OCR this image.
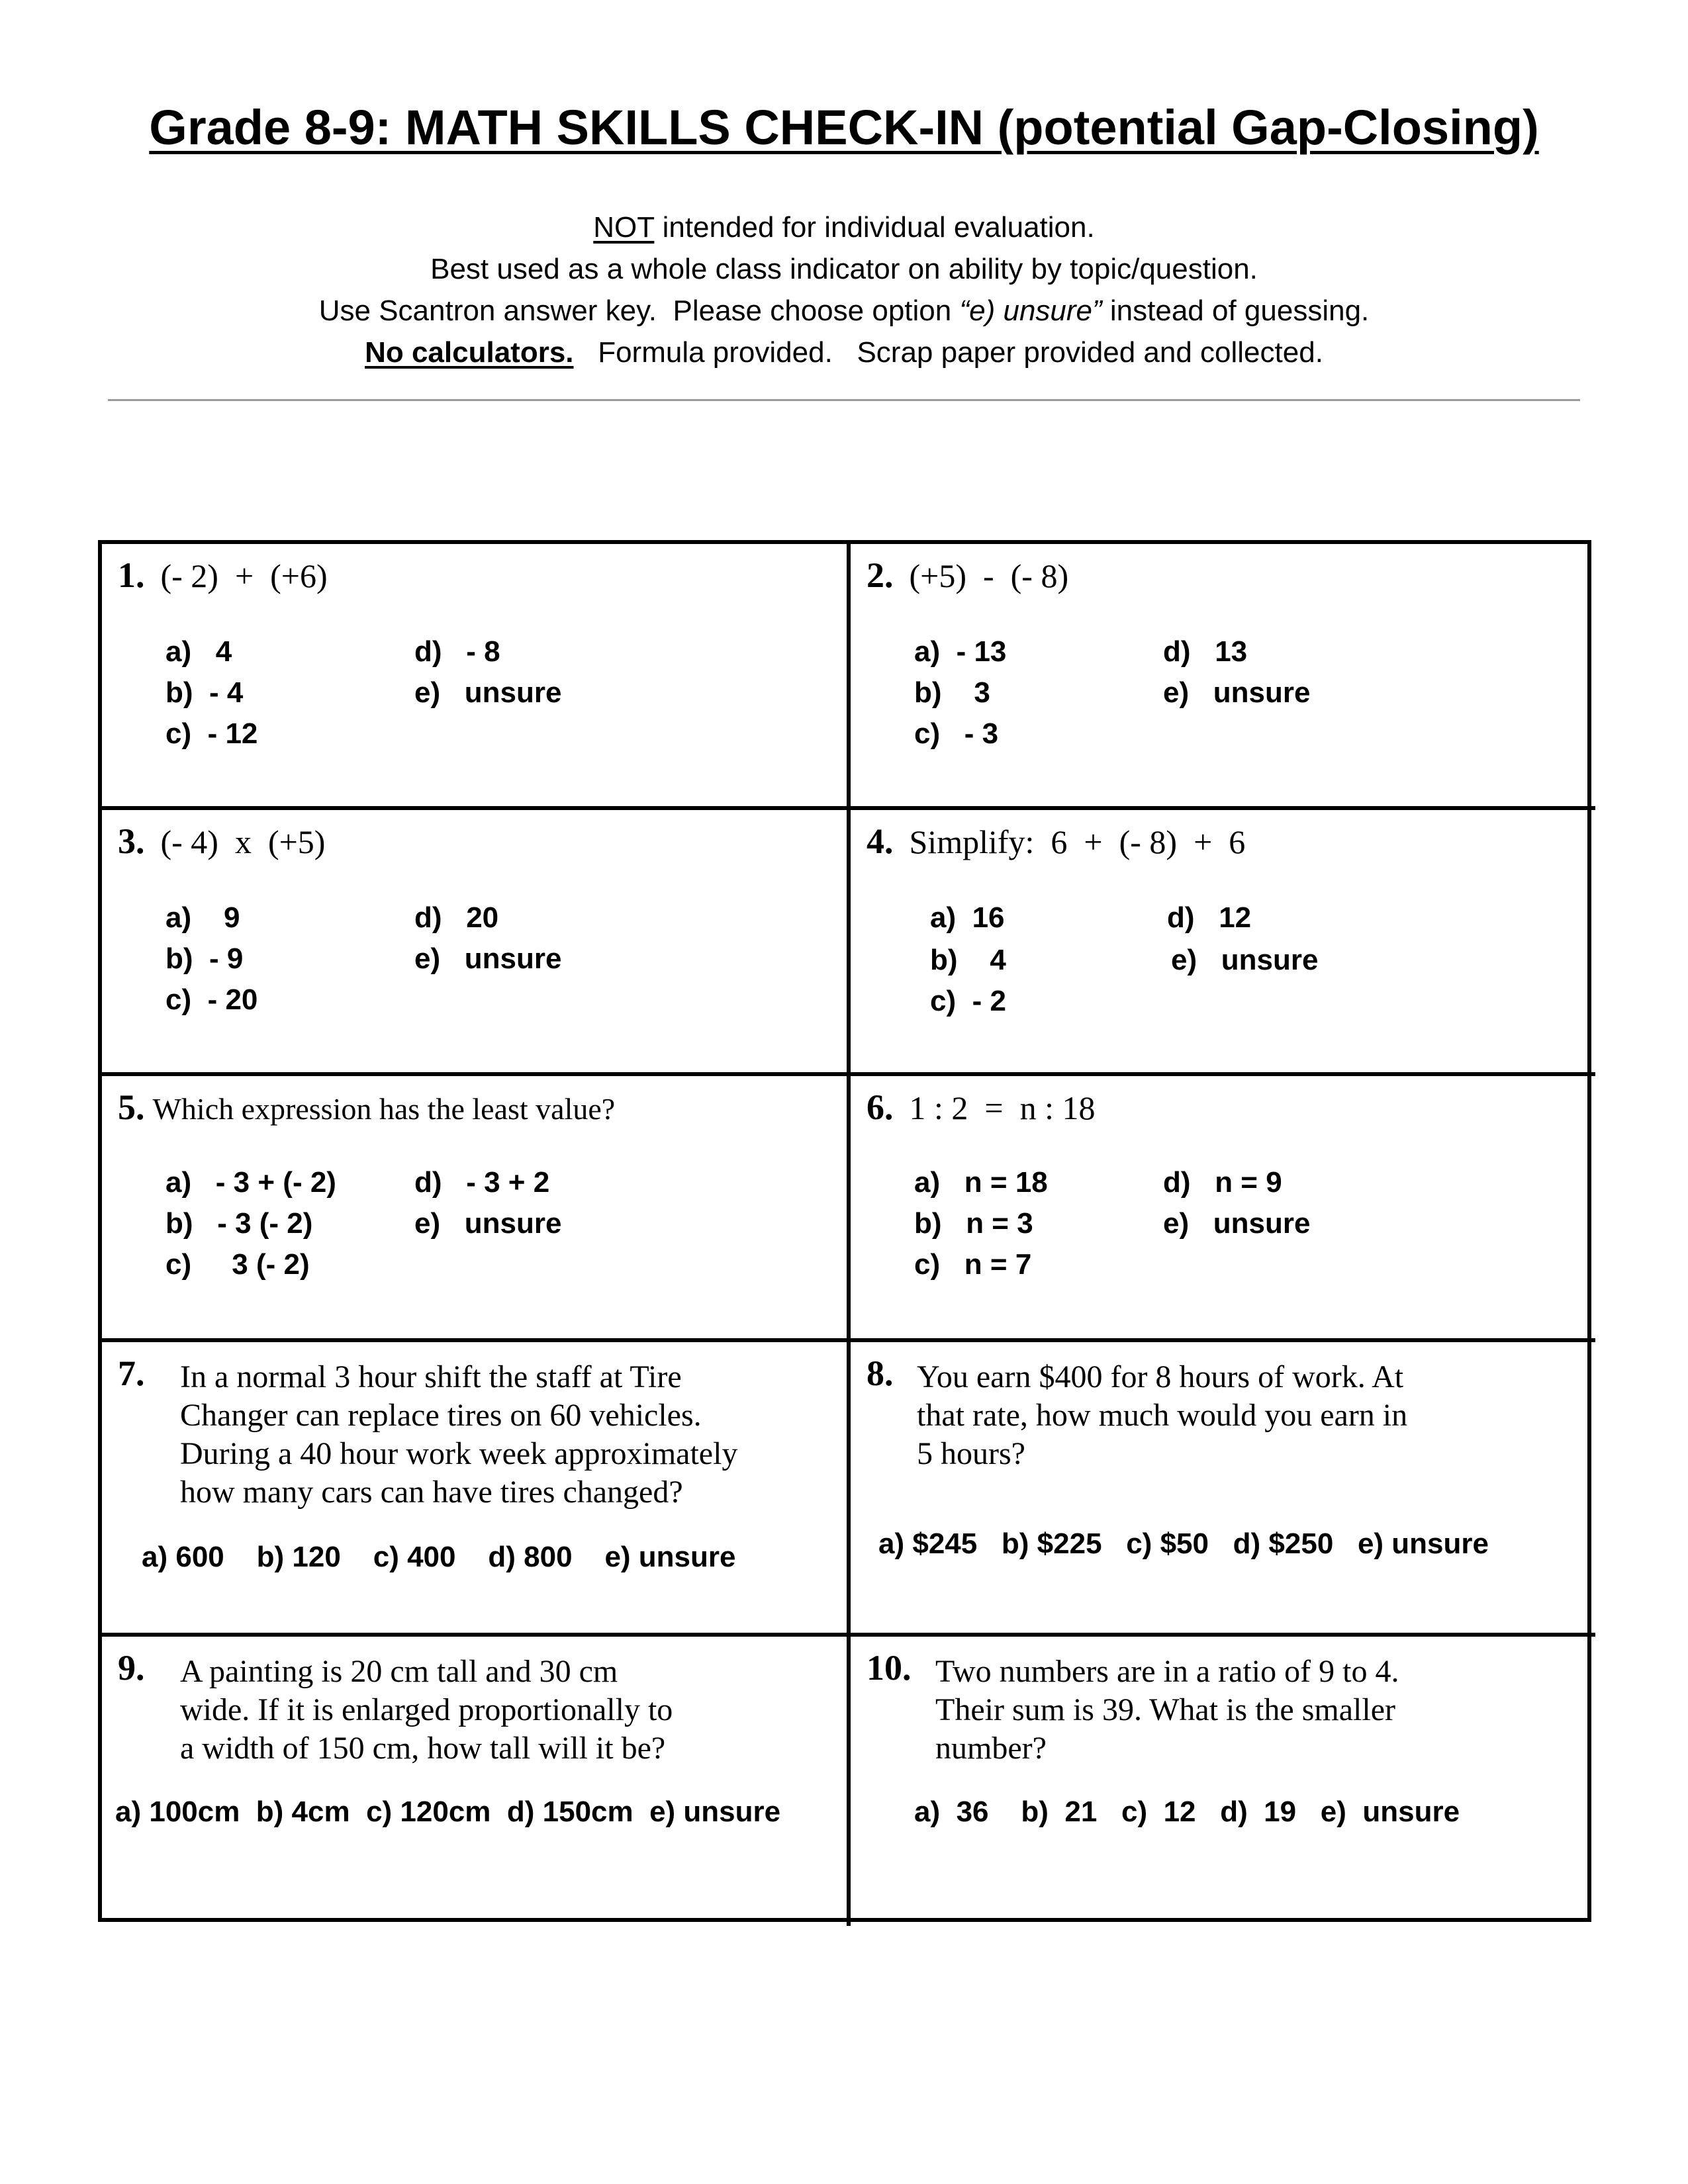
Grade 8-9: MATH SKILLS CHECK-IN (potential Gap-Closing)
NOT intended for individual evaluation.
Best used as a whole class indicator on ability by topic/question.
Use Scantron answer key.  Please choose option “e) unsure” instead of guessing.
No calculators.   Formula provided.   Scrap paper provided and collected.
1. (- 2)  +  (+6)
a)   4
b)  - 4
c)  - 12
d)   - 8
e)   unsure
2. (+5)  -  (- 8)
a)  - 13
b)    3
c)   - 3
d)   13
e)   unsure
3. (- 4)  x  (+5)
a)    9
b)  - 9
c)  - 20
d)   20
e)   unsure
4. Simplify:  6  +  (- 8)  +  6
a)  16
b)    4
c)  - 2
d)   12
e)   unsure
5. Which expression has the least value?
a)   - 3 + (- 2)
b)   - 3 (- 2)
c)     3 (- 2)
d)   - 3 + 2
e)   unsure
6. 1 : 2  =  n : 18
a)   n = 18
b)   n = 3
c)   n = 7
d)   n = 9
e)   unsure
7.	In a normal 3 hour shift the staff at Tire
Changer can replace tires on 60 vehicles.
During a 40 hour work week approximately
how many cars can have tires changed?
a) 600    b) 120    c) 400    d) 800    e) unsure
8. You earn $400 for 8 hours of work. At
that rate, how much would you earn in
5 hours?
a) $245   b) $225   c) $50   d) $250   e) unsure
9.	A painting is 20 cm tall and 30 cm
wide. If it is enlarged proportionally to
a width of 150 cm, how tall will it be?
a) 100cm  b) 4cm  c) 120cm  d) 150cm  e) unsure
10. Two numbers are in a ratio of 9 to 4.
Their sum is 39. What is the smaller
number?
a)  36    b)  21   c)  12   d)  19   e)  unsure
